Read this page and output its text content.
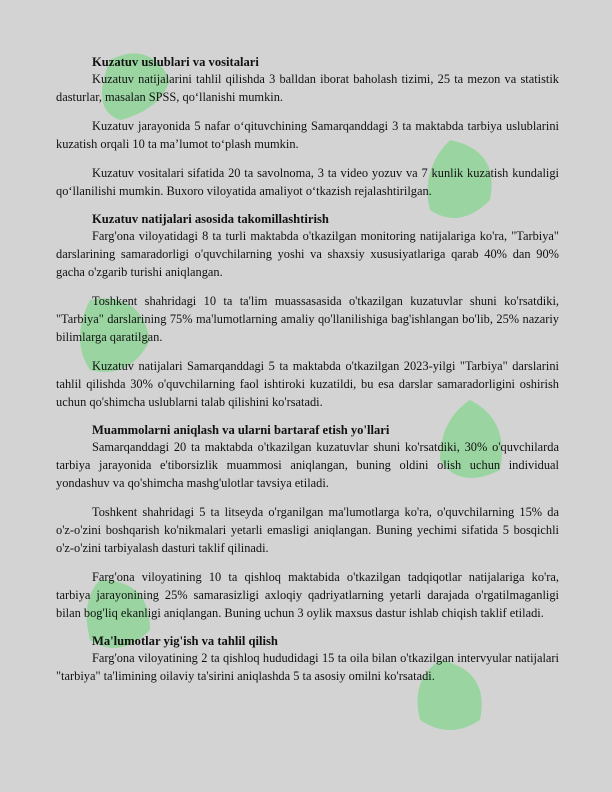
Kuzatuv uslublari va vositalari

Kuzatuv natijalarini tahlil qilishda 3 balldan iborat baholash tizimi, 25 ta mezon va statistik dasturlar, masalan SPSS, qo‘llanishi mumkin.

Kuzatuv jarayonida 5 nafar o‘qituvchining Samarqanddagi 3 ta maktabda tarbiya uslublarini kuzatish orqali 10 ta ma’lumot to‘plash mumkin.

Kuzatuv vositalari sifatida 20 ta savolnoma, 3 ta video yozuv va 7 kunlik kuzatish kundaligi qo‘llanilishi mumkin. Buxoro viloyatida amaliyot o‘tkazish rejalashtirilgan.

Kuzatuv natijalari asosida takomillashtirish

Farg'ona viloyatidagi 8 ta turli maktabda o'tkazilgan monitoring natijalariga ko'ra, "Tarbiya" darslarining samaradorligi o'quvchilarning yoshi va shaxsiy xususiyatlariga qarab 40% dan 90% gacha o'zgarib turishi aniqlangan.

Toshkent shahridagi 10 ta ta'lim muassasasida o'tkazilgan kuzatuvlar shuni ko'rsatdiki, "Tarbiya" darslarining 75% ma'lumotlarning amaliy qo'llanilishiga bag'ishlangan bo'lib, 25% nazariy bilimlarga qaratilgan.

Kuzatuv natijalari Samarqanddagi 5 ta maktabda o'tkazilgan 2023-yilgi "Tarbiya" darslarini tahlil qilishda 30% o'quvchilarning faol ishtiroki kuzatildi, bu esa darslar samaradorligini oshirish uchun qo'shimcha uslublarni talab qilishini ko'rsatadi.

Muammolarni aniqlash va ularni bartaraf etish yo'llari

Samarqanddagi 20 ta maktabda o'tkazilgan kuzatuvlar shuni ko'rsatdiki, 30% o'quvchilarda tarbiya jarayonida e'tiborsizlik muammosi aniqlangan, buning oldini olish uchun individual yondashuv va qo'shimcha mashg'ulotlar tavsiya etiladi.

Toshkent shahridagi 5 ta litseyda o'rganilgan ma'lumotlarga ko'ra, o'quvchilarning 15% da o'z-o'zini boshqarish ko'nikmalari yetarli emasligi aniqlangan. Buning yechimi sifatida 5 bosqichli o'z-o'zini tarbiyalash dasturi taklif qilinadi.

Farg'ona viloyatining 10 ta qishloq maktabida o'tkazilgan tadqiqotlar natijalariga ko'ra, tarbiya jarayonining 25% samarasizligi axloqiy qadriyatlarning yetarli darajada o'rgatilmaganligi bilan bog'liq ekanligi aniqlangan. Buning uchun 3 oylik maxsus dastur ishlab chiqish taklif etiladi.

Ma'lumotlar yig'ish va tahlil qilish

Farg'ona viloyatining 2 ta qishloq hududidagi 15 ta oila bilan o'tkazilgan intervyular natijalari "tarbiya" ta'limining oilaviy ta'sirini aniqlashda 5 ta asosiy omilni ko'rsatadi.
